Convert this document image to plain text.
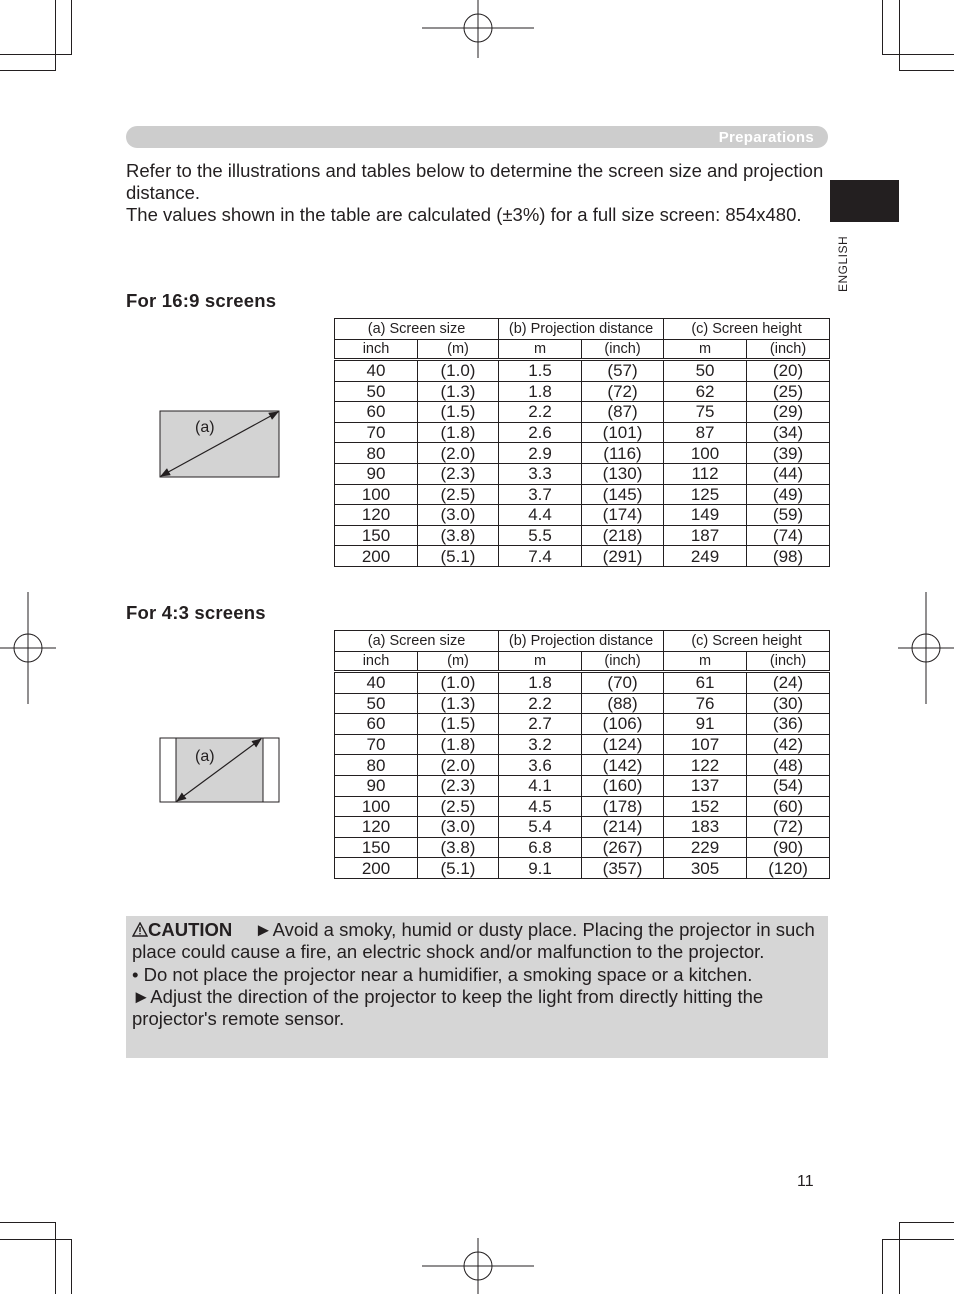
Preparations
ENGLISH

Refer to the illustrations and tables below to determine the screen size and projection distance.

The values shown in the table are calculated (±3%) for a full size screen: 854x480.

For 16:9 screens
(a)
(a) Screen size		(b) Projection distance		(c) Screen height	
inch	(m)	m	(inch)	m	(inch)
40	(1.0)	1.5	(57)	50	(20)
50	(1.3)	1.8	(72)	62	(25)
60	(1.5)	2.2	(87)	75	(29)
70	(1.8)	2.6	(101)	87	(34)
80	(2.0)	2.9	(116)	100	(39)
90	(2.3)	3.3	(130)	112	(44)
100	(2.5)	3.7	(145)	125	(49)
120	(3.0)	4.4	(174)	149	(59)
150	(3.8)	5.5	(218)	187	(74)
200	(5.1)	7.4	(291)	249	(98)
For 4:3 screens
(a)
(a) Screen size		(b) Projection distance		(c) Screen height	
inch	(m)	m	(inch)	m	(inch)
40	(1.0)	1.8	(70)	61	(24)
50	(1.3)	2.2	(88)	76	(30)
60	(1.5)	2.7	(106)	91	(36)
70	(1.8)	3.2	(124)	107	(42)
80	(2.0)	3.6	(142)	122	(48)
90	(2.3)	4.1	(160)	137	(54)
100	(2.5)	4.5	(178)	152	(60)
120	(3.0)	5.4	(214)	183	(72)
150	(3.8)	6.8	(267)	229	(90)
200	(5.1)	9.1	(357)	305	(120)

CAUTION ►Avoid a smoky, humid or dusty place. Placing the projector in such place could cause a fire, an electric shock and/or malfunction to the projector.

• Do not place the projector near a humidifier, a smoking space or a kitchen.

►Adjust the direction of the projector to keep the light from directly hitting the projector's remote sensor.

11
